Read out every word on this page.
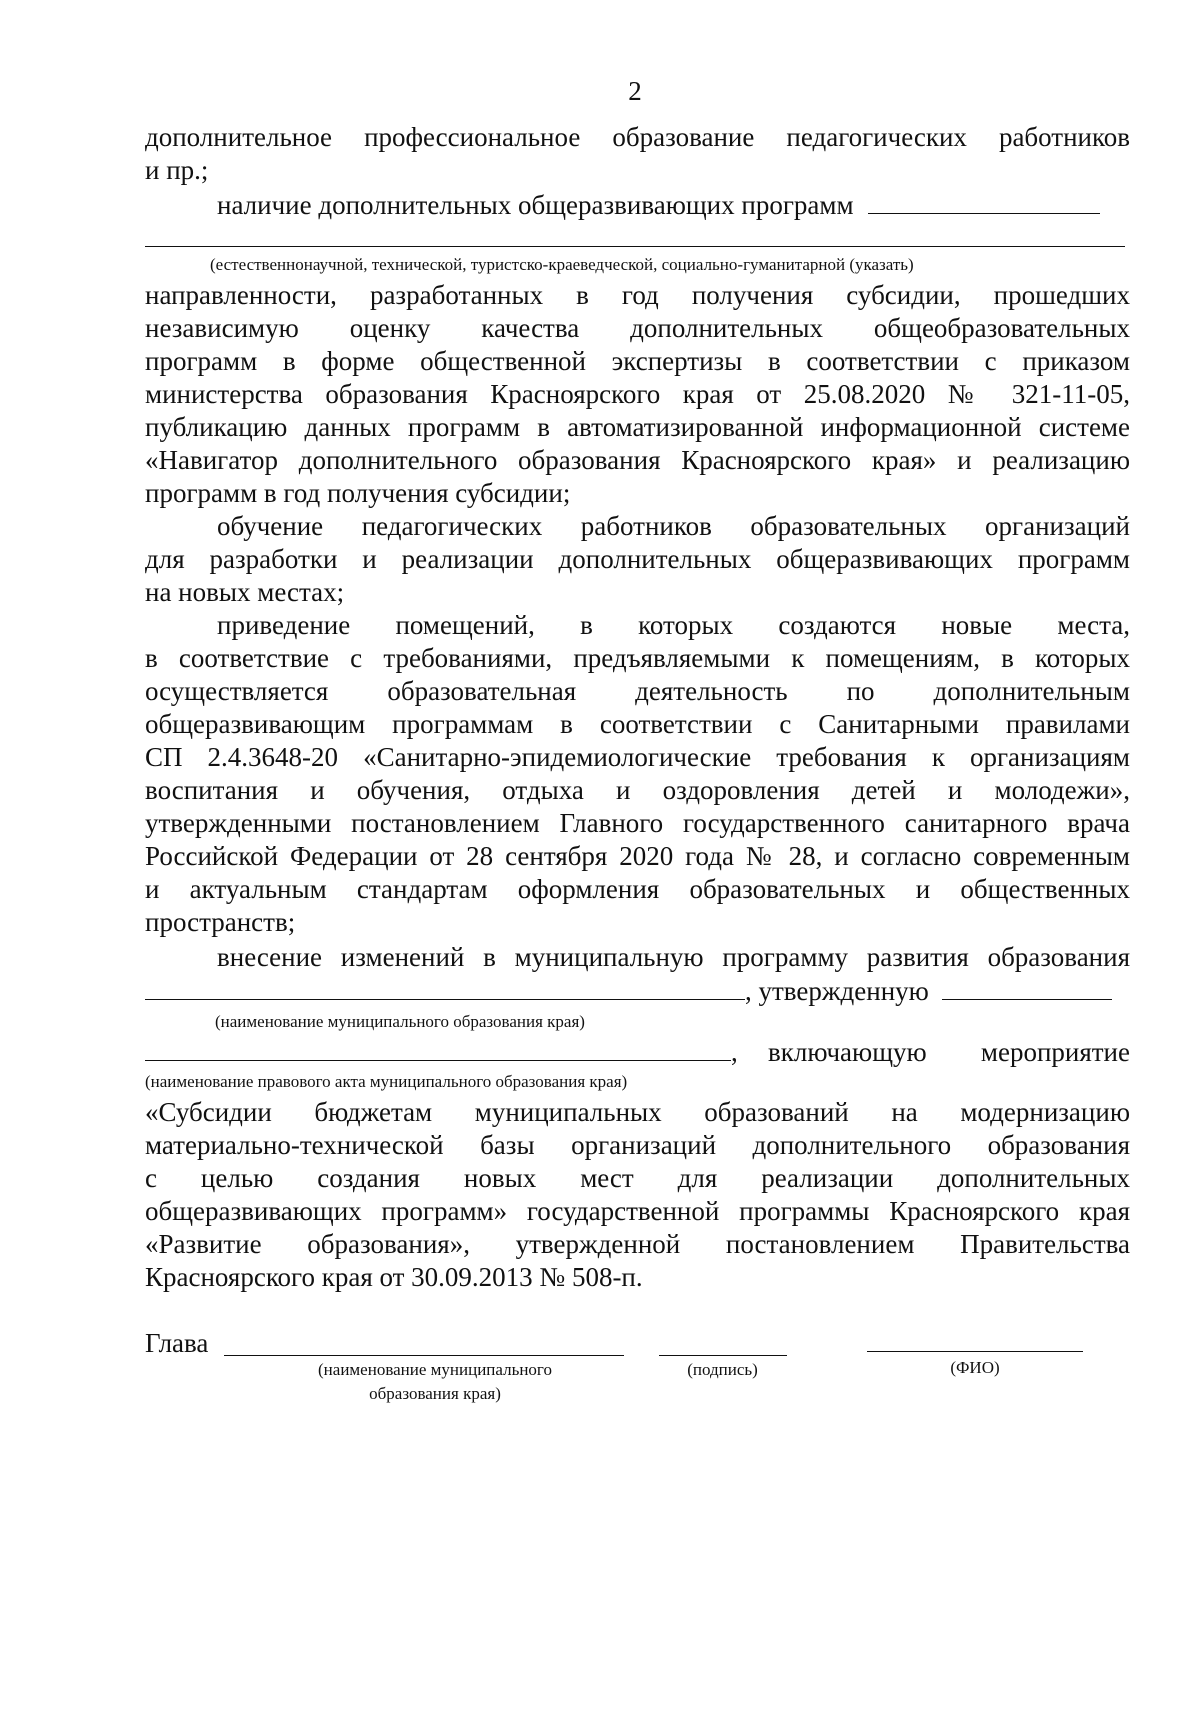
2
дополнительное профессиональное образование педагогических работников
и пр.;
наличие дополнительных общеразвивающих программ
(естественнонаучной, технической, туристско-краеведческой, социально-гуманитарной (указать)
направленности, разработанных в год получения субсидии, прошедших
независимую оценку качества дополнительных общеобразовательных
программ в форме общественной экспертизы в соответствии с приказом
министерства образования Красноярского края от 25.08.2020 № 321-11-05,
публикацию данных программ в автоматизированной информационной системе
«Навигатор дополнительного образования Красноярского края» и реализацию
программ в год получения субсидии;
обучение педагогических работников образовательных организаций
для разработки и реализации дополнительных общеразвивающих программ
на новых местах;
приведение помещений, в которых создаются новые места,
в соответствие с требованиями, предъявляемыми к помещениям, в которых
осуществляется образовательная деятельность по дополнительным
общеразвивающим программам в соответствии с Санитарными правилами
СП 2.4.3648-20 «Санитарно-эпидемиологические требования к организациям
воспитания и обучения, отдыха и оздоровления детей и молодежи»,
утвержденными постановлением Главного государственного санитарного врача
Российской Федерации от 28 сентября 2020 года № 28, и согласно современным
и актуальным стандартам оформления образовательных и общественных
пространств;
внесение изменений в муниципальную программу развития образования
, утвержденную
(наименование муниципального образования края)
, включающую мероприятие
(наименование правового акта муниципального образования края)
«Субсидии бюджетам муниципальных образований на модернизацию
материально-технической базы организаций дополнительного образования
с целью создания новых мест для реализации дополнительных
общеразвивающих программ» государственной программы Красноярского края
«Развитие образования», утвержденной постановлением Правительства
Красноярского края от 30.09.2013 № 508-п.
Глава
(наименование муниципального
образования края)
(подпись)	(ФИО)
